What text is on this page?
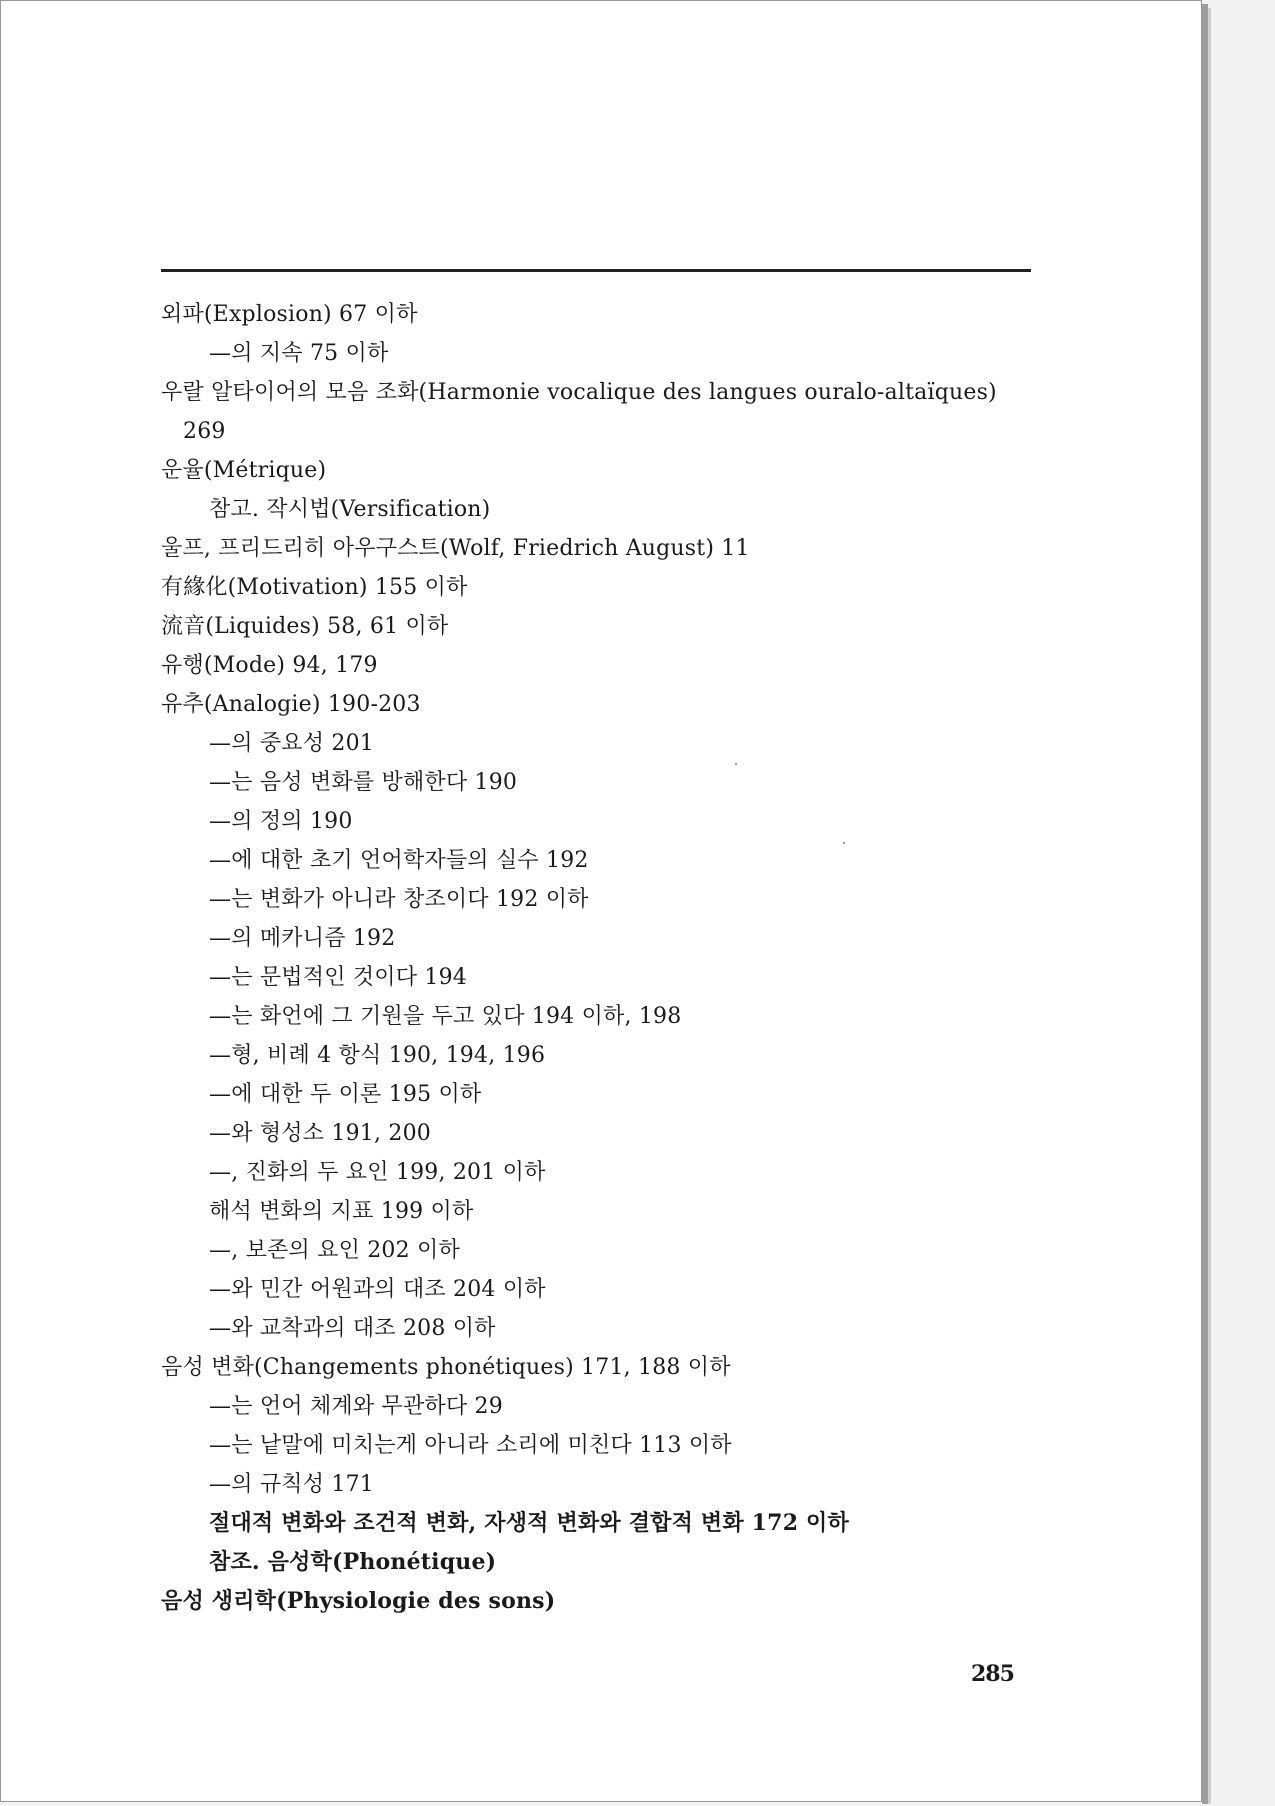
외파(Explosion) 67 이하
—의 지속 75 이하
우랄 알타이어의 모음 조화(Harmonie vocalique des langues ouralo-altaïques)
269
운율(Métrique)
참고. 작시법(Versification)
울프, 프리드리히 아우구스트(Wolf, Friedrich August) 11
有緣化(Motivation) 155 이하
流音(Liquides) 58, 61 이하
유행(Mode) 94, 179
유추(Analogie) 190-203
—의 중요성 201
—는 음성 변화를 방해한다 190
—의 정의 190
—에 대한 초기 언어학자들의 실수 192
—는 변화가 아니라 창조이다 192 이하
—의 메카니즘 192
—는 문법적인 것이다 194
—는 화언에 그 기원을 두고 있다 194 이하, 198
—형, 비례 4 항식 190, 194, 196
—에 대한 두 이론 195 이하
—와 형성소 191, 200
—, 진화의 두 요인 199, 201 이하
해석 변화의 지표 199 이하
—, 보존의 요인 202 이하
—와 민간 어원과의 대조 204 이하
—와 교착과의 대조 208 이하
음성 변화(Changements phonétiques) 171, 188 이하
—는 언어 체계와 무관하다 29
—는 낱말에 미치는게 아니라 소리에 미친다 113 이하
—의 규칙성 171
절대적 변화와 조건적 변화, 자생적 변화와 결합적 변화 172 이하
참조. 음성학(Phonétique)
음성 생리학(Physiologie des sons)
285
